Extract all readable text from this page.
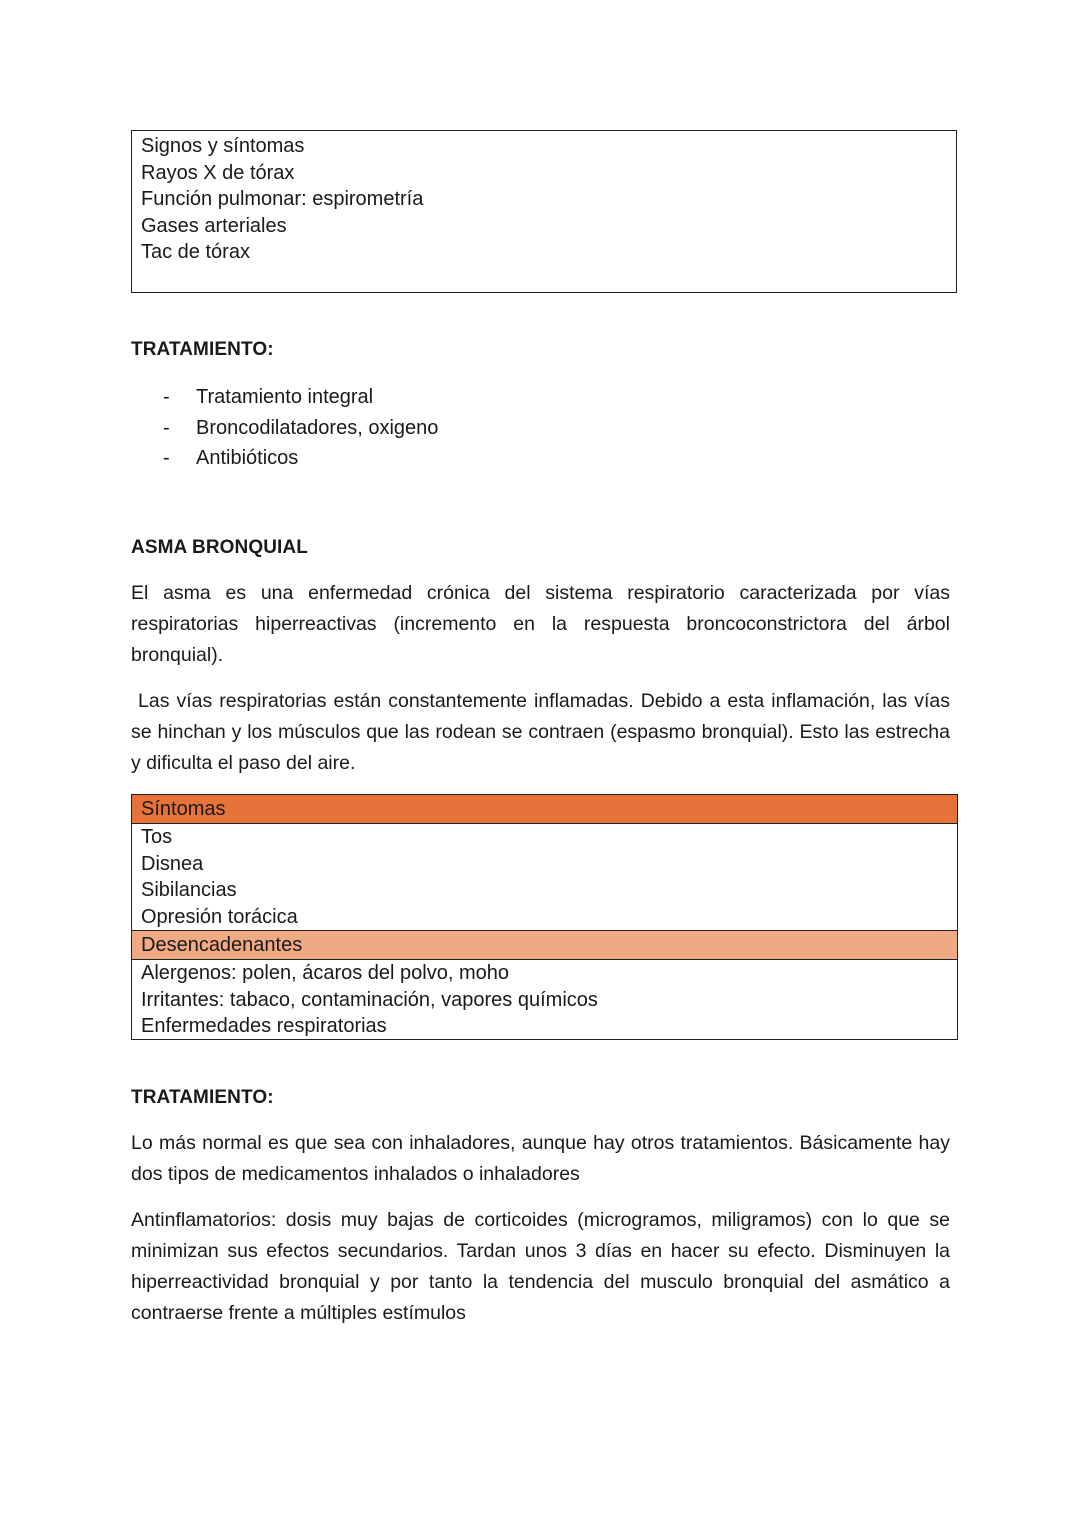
Signos y síntomas
Rayos X de tórax
Función pulmonar: espirometría
Gases arteriales
Tac de tórax
TRATAMIENTO:
- Tratamiento integral
- Broncodilatadores, oxigeno
- Antibióticos
ASMA BRONQUIAL
El asma es una enfermedad crónica del sistema respiratorio caracterizada por vías respiratorias hiperreactivas (incremento en la respuesta broncoconstrictora del árbol bronquial).
Las vías respiratorias están constantemente inflamadas. Debido a esta inflamación, las vías se hinchan y los músculos que las rodean se contraen (espasmo bronquial). Esto las estrecha y dificulta el paso del aire.
Síntomas
Tos
Disnea
Sibilancias
Opresión torácica
Desencadenantes
Alergenos: polen, ácaros del polvo, moho
Irritantes: tabaco, contaminación, vapores químicos
Enfermedades respiratorias
TRATAMIENTO:
Lo más normal es que sea con inhaladores, aunque hay otros tratamientos. Básicamente hay dos tipos de medicamentos inhalados o inhaladores
Antinflamatorios: dosis muy bajas de corticoides (microgramos, miligramos) con lo que se minimizan sus efectos secundarios. Tardan unos 3 días en hacer su efecto. Disminuyen la hiperreactividad bronquial y por tanto la tendencia del musculo bronquial del asmático a contraerse frente a múltiples estímulos
